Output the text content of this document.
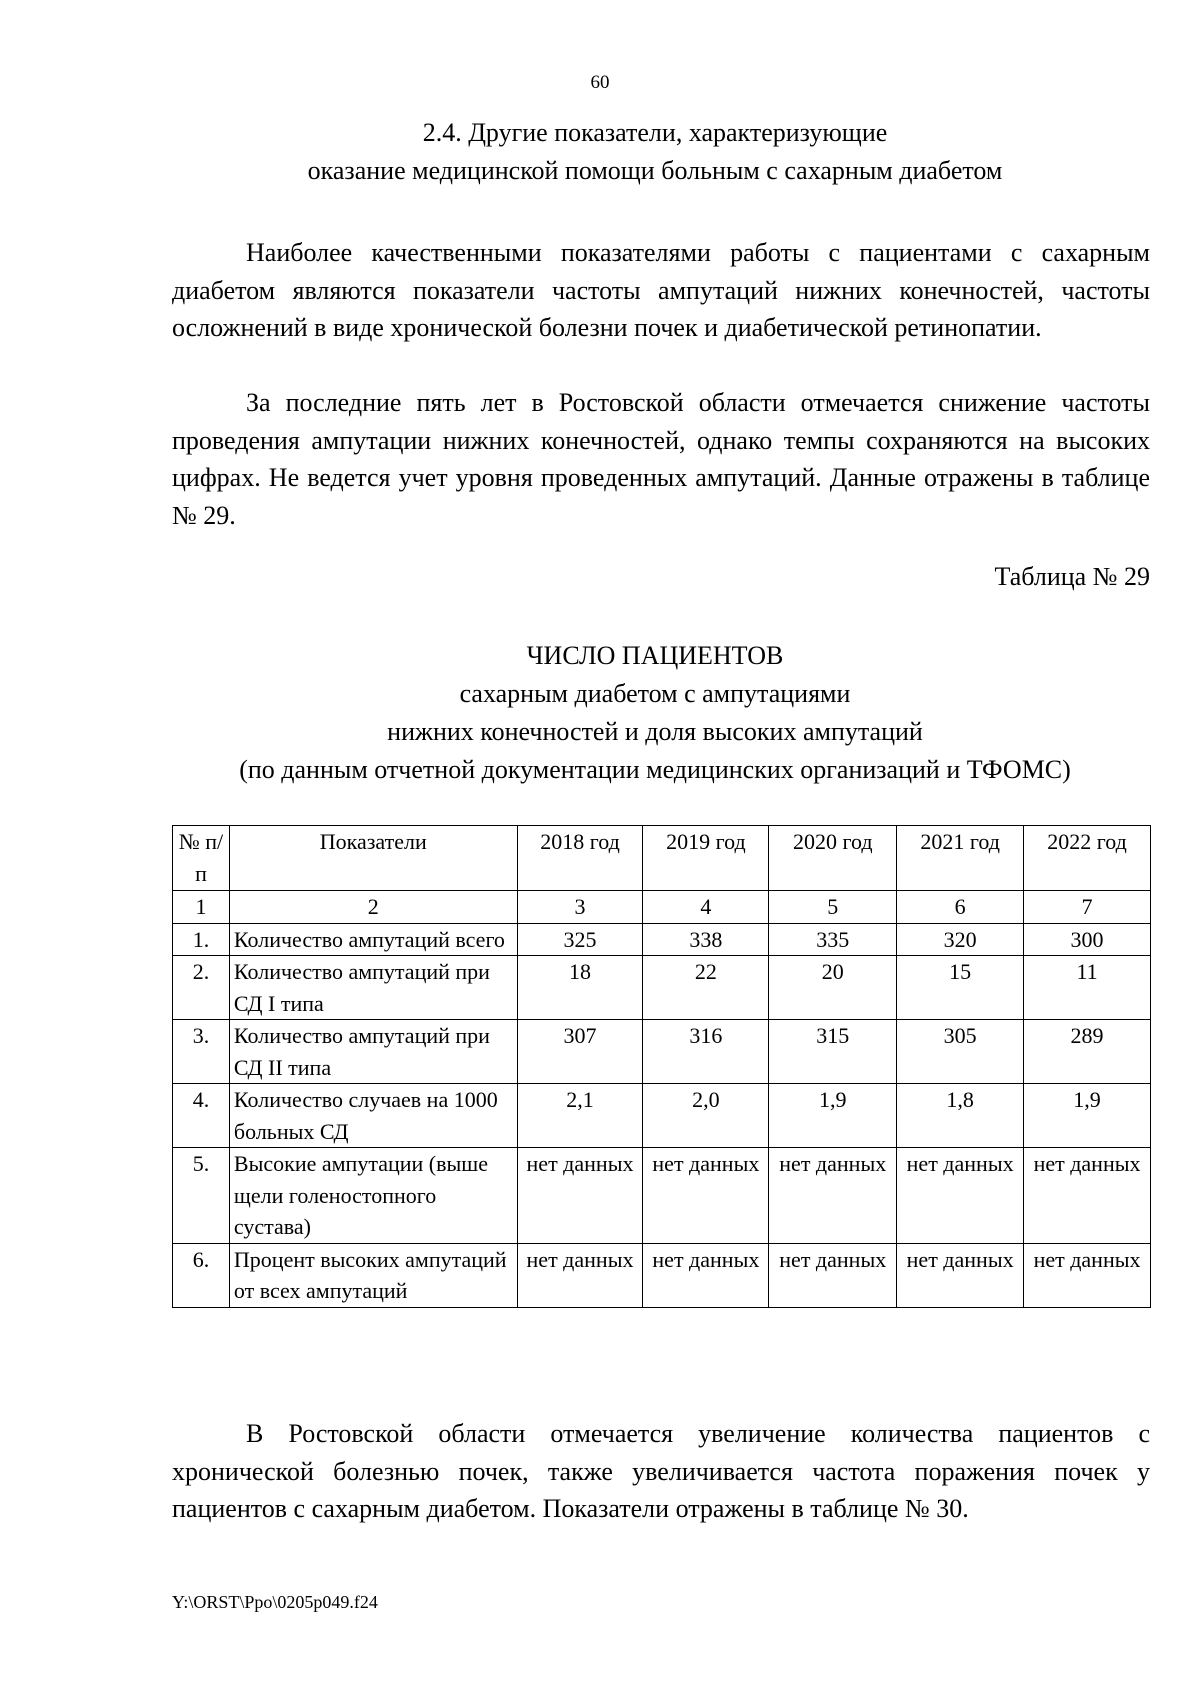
60
2.4. Другие показатели, характеризующие
оказание медицинской помощи больным с сахарным диабетом

Наиболее качественными показателями работы с пациентами с сахарным диабетом являются показатели частоты ампутаций нижних конечностей, частоты осложнений в виде хронической болезни почек и диабетической ретинопатии.

За последние пять лет в Ростовской области отмечается снижение частоты проведения ампутации нижних конечностей, однако темпы сохраняются на высоких цифрах. Не ведется учет уровня проведенных ампутаций. Данные отражены в таблице № 29.

Таблица № 29
ЧИСЛО ПАЦИЕНТОВ
сахарным диабетом с ампутациями
нижних конечностей и доля высоких ампутаций
(по данным отчетной документации медицинских организаций и ТФОМС)
№ п/п	Показатели	2018 год	2019 год	2020 год	2021 год	2022 год
1	2	3	4	5	6	7
1.	Количество ампутаций всего	325	338	335	320	300
2.	Количество ампутаций при СД I типа	18	22	20	15	11
3.	Количество ампутаций при СД II типа	307	316	315	305	289
4.	Количество случаев на 1000 больных СД	2,1	2,0	1,9	1,8	1,9
5.	Высокие ампутации (выше щели голеностопного сустава)	нет данных	нет данных	нет данных	нет данных	нет данных
6.	Процент высоких ампутаций от всех ампутаций	нет данных	нет данных	нет данных	нет данных	нет данных

В Ростовской области отмечается увеличение количества пациентов с хронической болезнью почек, также увеличивается частота поражения почек у пациентов с сахарным диабетом. Показатели отражены в таблице № 30.

Y:\ORST\Ppo\0205p049.f24
